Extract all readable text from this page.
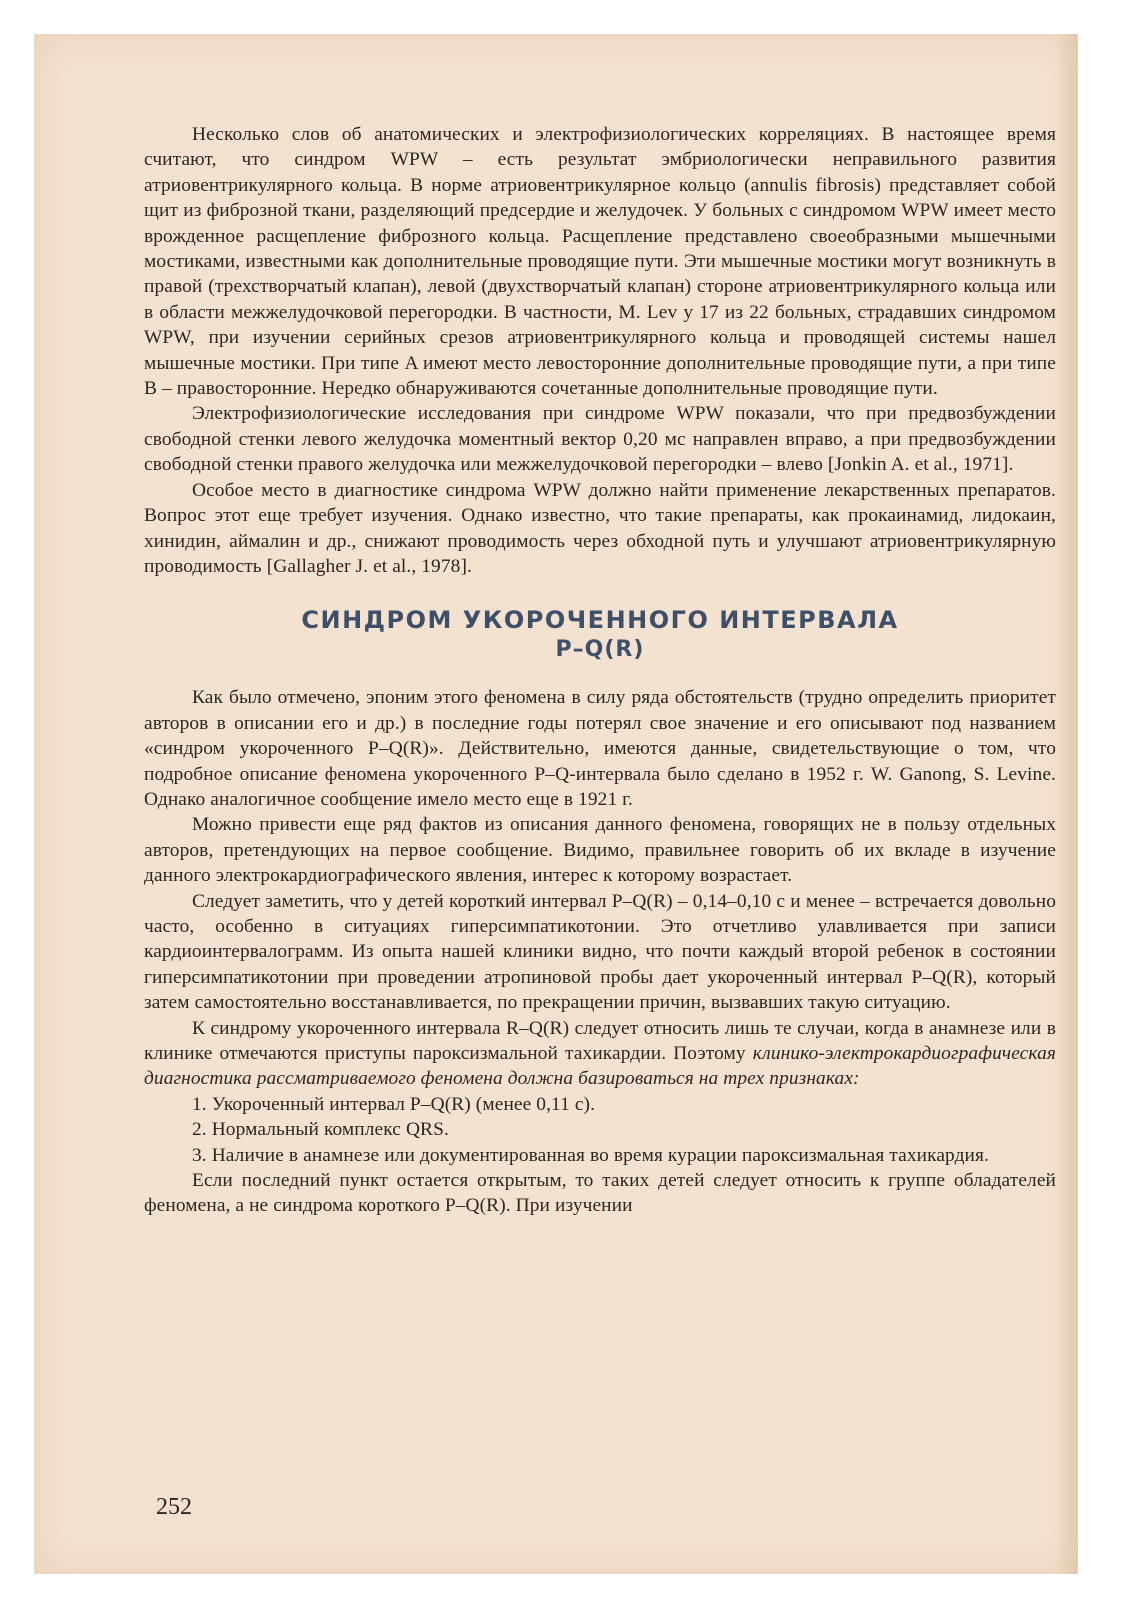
Несколько слов об анатомических и электрофизиологических корреляциях. В настоящее время считают, что синдром WPW – есть результат эмбриологически неправильного развития атриовентрикулярного кольца. В норме атриовентрикулярное кольцо (annulis fibrosis) представляет собой щит из фиброзной ткани, разделяющий предсердие и желудочек. У больных с синдромом WPW имеет место врожденное расщепление фиброзного кольца. Расщепление представлено своеобразными мышечными мостиками, известными как дополнительные проводящие пути. Эти мышечные мостики могут возникнуть в правой (трехстворчатый клапан), левой (двухстворчатый клапан) стороне атриовентрикулярного кольца или в области межжелудочковой перегородки. В частности, M. Lev у 17 из 22 больных, страдавших синдромом WPW, при изучении серийных срезов атриовентрикулярного кольца и проводящей системы нашел мышечные мостики. При типе A имеют место левосторонние дополнительные проводящие пути, а при типе B – правосторонние. Нередко обнаруживаются сочетанные дополнительные проводящие пути.

Электрофизиологические исследования при синдроме WPW показали, что при предвозбуждении свободной стенки левого желудочка моментный вектор 0,20 мс направлен вправо, а при предвозбуждении свободной стенки правого желудочка или межжелудочковой перегородки – влево [Jonkin A. et al., 1971].

Особое место в диагностике синдрома WPW должно найти применение лекарственных препаратов. Вопрос этот еще требует изучения. Однако известно, что такие препараты, как прокаинамид, лидокаин, хинидин, аймалин и др., снижают проводимость через обходной путь и улучшают атриовентрикулярную проводимость [Gallagher J. et al., 1978].

СИНДРОМ УКОРОЧЕННОГО ИНТЕРВАЛА
P–Q(R)

Как было отмечено, эпоним этого феномена в силу ряда обстоятельств (трудно определить приоритет авторов в описании его и др.) в последние годы потерял свое значение и его описывают под названием «синдром укороченного P–Q(R)». Действительно, имеются данные, свидетельствующие о том, что подробное описание феномена укороченного P–Q-интервала было сделано в 1952 г. W. Ganong, S. Levine. Однако аналогичное сообщение имело место еще в 1921 г.

Можно привести еще ряд фактов из описания данного феномена, говорящих не в пользу отдельных авторов, претендующих на первое сообщение. Видимо, правильнее говорить об их вкладе в изучение данного электрокардиографического явления, интерес к которому возрастает.

Следует заметить, что у детей короткий интервал P–Q(R) – 0,14–0,10 с и менее – встречается довольно часто, особенно в ситуациях гиперсимпатикотонии. Это отчетливо улавливается при записи кардиоинтервалограмм. Из опыта нашей клиники видно, что почти каждый второй ребенок в состоянии гиперсимпатикотонии при проведении атропиновой пробы дает укороченный интервал P–Q(R), который затем самостоятельно восстанавливается, по прекращении причин, вызвавших такую ситуацию.

К синдрому укороченного интервала R–Q(R) следует относить лишь те случаи, когда в анамнезе или в клинике отмечаются приступы пароксизмальной тахикардии. Поэтому клинико-электрокардиографическая диагностика рассматриваемого феномена должна базироваться на трех признаках:

1. Укороченный интервал P–Q(R) (менее 0,11 с).

2. Нормальный комплекс QRS.

3. Наличие в анамнезе или документированная во время курации пароксизмальная тахикардия.

Если последний пункт остается открытым, то таких детей следует относить к группе обладателей феномена, а не синдрома короткого P–Q(R). При изучении

252
